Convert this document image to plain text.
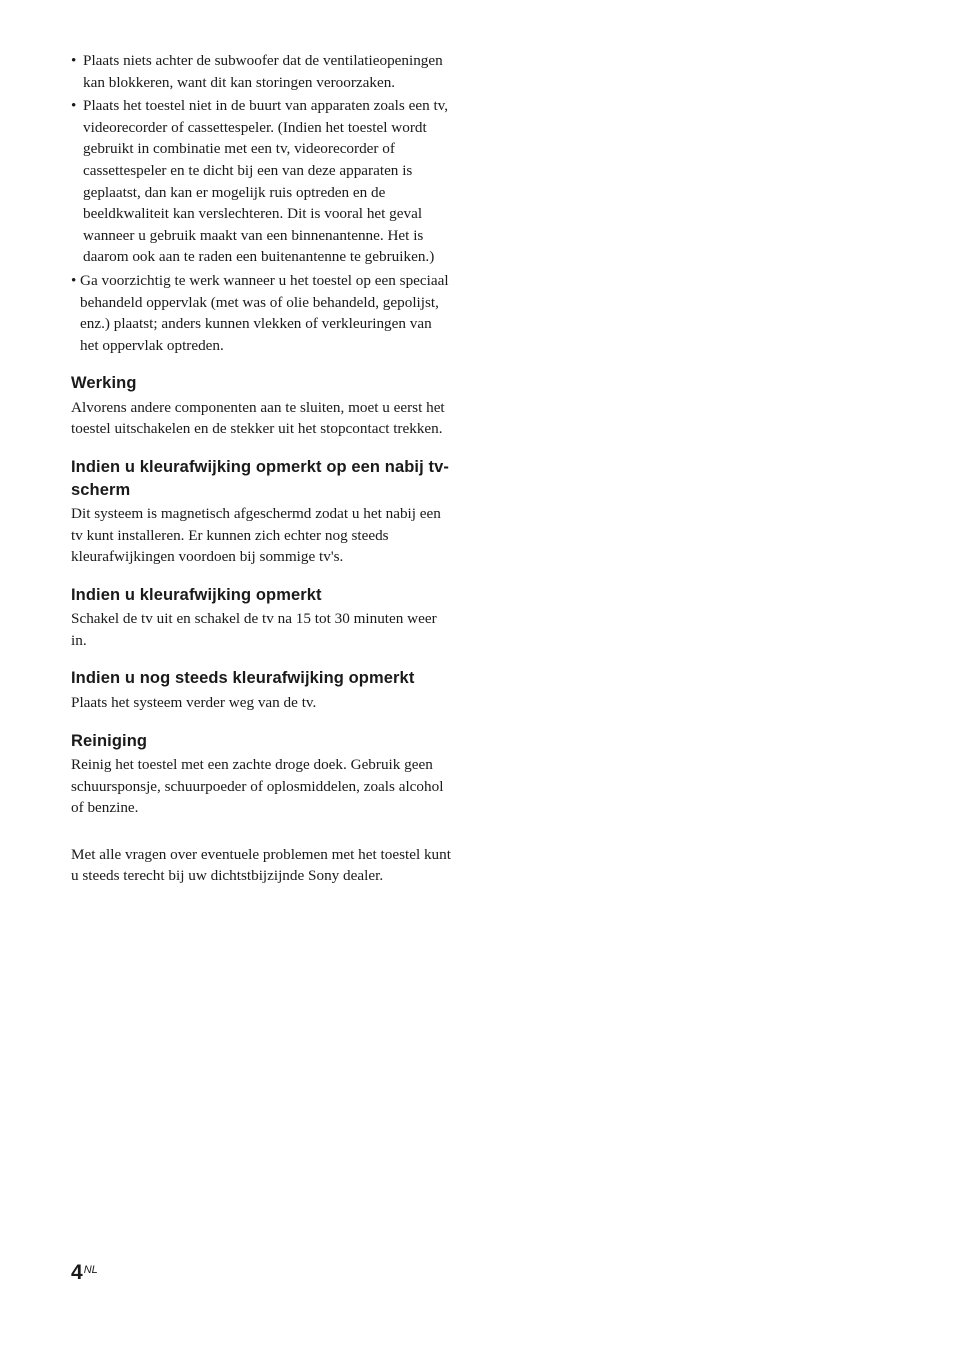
• Plaats niets achter de subwoofer dat de ventilatieopeningen kan blokkeren, want dit kan storingen veroorzaken.
• Plaats het toestel niet in de buurt van apparaten zoals een tv, videorecorder of cassettespeler. (Indien het toestel wordt gebruikt in combinatie met een tv, videorecorder of cassettespeler en te dicht bij een van deze apparaten is geplaatst, dan kan er mogelijk ruis optreden en de beeldkwaliteit kan verslechteren. Dit is vooral het geval wanneer u gebruik maakt van een binnenantenne. Het is daarom ook aan te raden een buitenantenne te gebruiken.)
• Ga voorzichtig te werk wanneer u het toestel op een speciaal behandeld oppervlak (met was of olie behandeld, gepolijst, enz.) plaatst; anders kunnen vlekken of verkleuringen van het oppervlak optreden.
Werking

Alvorens andere componenten aan te sluiten, moet u eerst het toestel uitschakelen en de stekker uit het stopcontact trekken.

Indien u kleurafwijking opmerkt op een nabij tv-scherm

Dit systeem is magnetisch afgeschermd zodat u het nabij een tv kunt installeren. Er kunnen zich echter nog steeds kleurafwijkingen voordoen bij sommige tv's.

Indien u kleurafwijking opmerkt

Schakel de tv uit en schakel de tv na 15 tot 30 minuten weer in.

Indien u nog steeds kleurafwijking opmerkt

Plaats het systeem verder weg van de tv.

Reiniging

Reinig het toestel met een zachte droge doek. Gebruik geen schuursponsje, schuurpoeder of oplosmiddelen, zoals alcohol of benzine.

Met alle vragen over eventuele problemen met het toestel kunt u steeds terecht bij uw dichtstbijzijnde Sony dealer.

$4^{NL}$
